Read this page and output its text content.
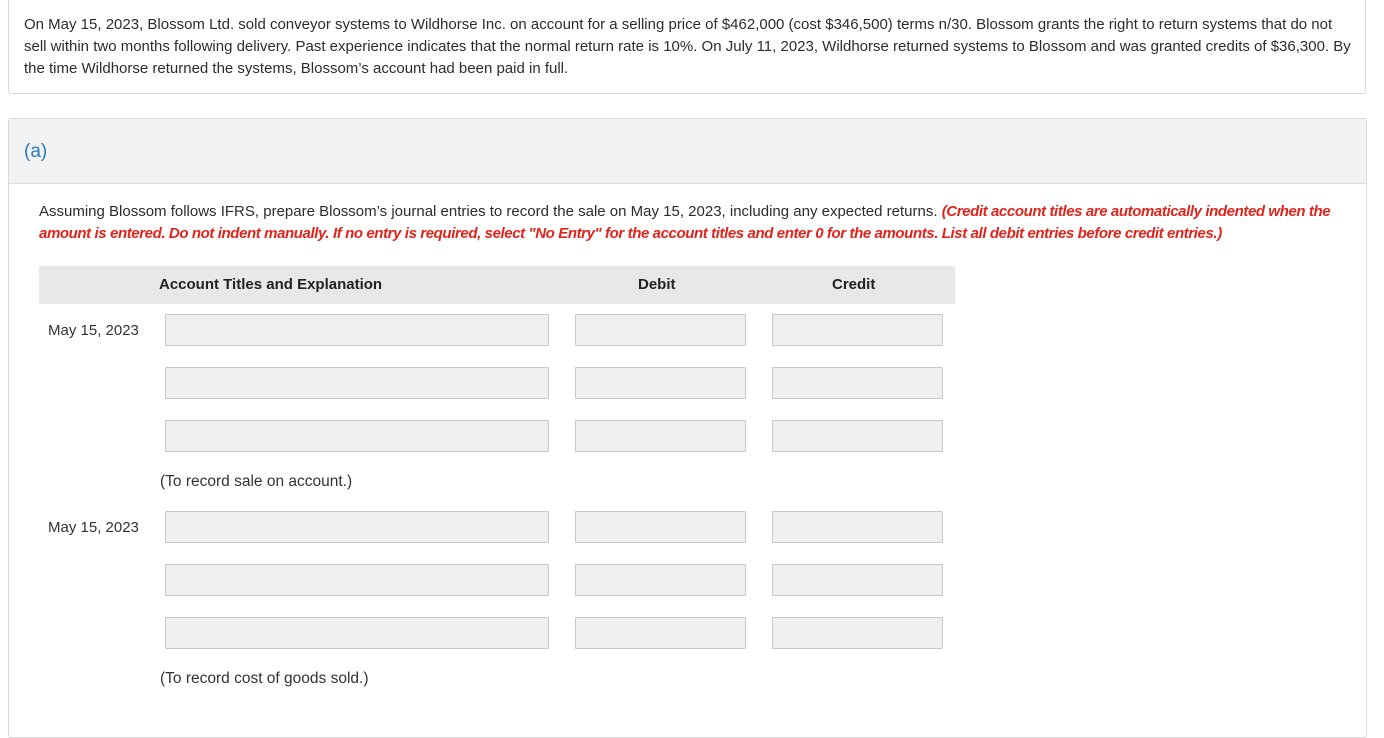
On May 15, 2023, Blossom Ltd. sold conveyor systems to Wildhorse Inc. on account for a selling price of $462,000 (cost $346,500) terms n/30. Blossom grants the right to return systems that do not sell within two months following delivery. Past experience indicates that the normal return rate is 10%. On July 11, 2023, Wildhorse returned systems to Blossom and was granted credits of $36,300. By the time Wildhorse returned the systems, Blossom’s account had been paid in full.

(a)

Assuming Blossom follows IFRS, prepare Blossom’s journal entries to record the sale on May 15, 2023, including any expected returns. (Credit account titles are automatically indented when the amount is entered. Do not indent manually. If no entry is required, select "No Entry" for the account titles and enter 0 for the amounts. List all debit entries before credit entries.)

Account Titles and Explanation	Debit	Credit
May 15, 2023
(To record sale on account.)
May 15, 2023
(To record cost of goods sold.)
